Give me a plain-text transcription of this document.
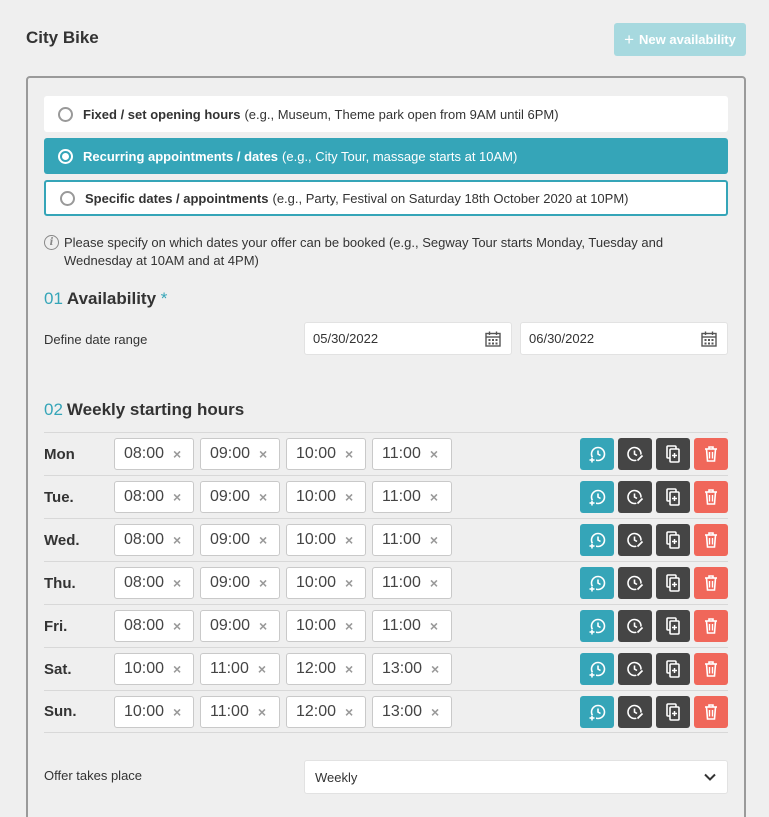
City Bike	+ New availability
Fixed / set opening hours (e.g., Museum, Theme park open from 9AM until 6PM)
Recurring appointments / dates (e.g., City Tour, massage starts at 10AM)
Specific dates / appointments (e.g., Party, Festival on Saturday 18th October 2020 at 10PM)
i Please specify on which dates your offer can be booked (e.g., Segway Tour starts Monday, Tuesday and Wednesday at 10AM and at 4PM)
01 Availability *
Define date range	05/30/2022	06/30/2022
02 Weekly starting hours
Mon	08:00 × 09:00 × 10:00 × 11:00 ×
Tue.	08:00 × 09:00 × 10:00 × 11:00 ×
Wed.	08:00 × 09:00 × 10:00 × 11:00 ×
Thu.	08:00 × 09:00 × 10:00 × 11:00 ×
Fri.	08:00 × 09:00 × 10:00 × 11:00 ×
Sat.	10:00 × 11:00 × 12:00 × 13:00 ×
Sun.	10:00 × 11:00 × 12:00 × 13:00 ×
Offer takes place	Weekly
